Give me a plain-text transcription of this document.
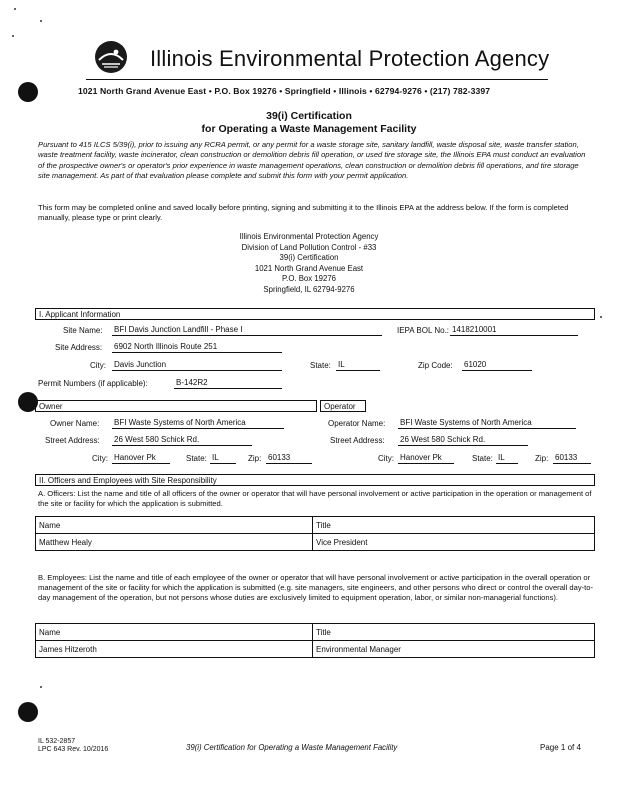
Illinois Environmental Protection Agency
1021 North Grand Avenue East • P.O. Box 19276 • Springfield • Illinois • 62794-9276 • (217) 782-3397
39(i) Certification
for Operating a Waste Management Facility
Pursuant to 415 ILCS 5/39(i), prior to issuing any RCRA permit, or any permit for a waste storage site, sanitary landfill, waste disposal site, waste transfer station, waste treatment facility, waste incinerator, clean construction or demolition debris fill operation, or used tire storage site, the Illinois EPA must conduct an evaluation of the prospective owner's or operator's prior experience in waste management operations, clean construction or demolition debris fill operations, and tire storage site management. As part of that evaluation please complete and submit this form with your permit application.
This form may be completed online and saved locally before printing, signing and submitting it to the Illinois EPA at the address below. If the form is completed manually, please type or print clearly.
Illinois Environmental Protection Agency
Division of Land Pollution Control - #33
39(i) Certification
1021 North Grand Avenue East
P.O. Box 19276
Springfield, IL 62794-9276
I. Applicant Information
Site Name: BFI Davis Junction Landfill - Phase I	IEPA BOL No.: 1418210001
Site Address: 6902 North Illinois Route 251
City: Davis Junction	State: IL	Zip Code: 61020
Permit Numbers (if applicable):	B-142R2
Owner	Operator
Owner Name: BFI Waste Systems of North America	Operator Name: BFI Waste Systems of North America
Street Address: 26 West 580 Schick Rd.	Street Address: 26 West 580 Schick Rd.
City: Hanover Pk	State: IL	Zip: 60133	City: Hanover Pk	State: IL	Zip: 60133
II. Officers and Employees with Site Responsibility
A. Officers: List the name and title of all officers of the owner or operator that will have personal involvement or active participation in the operation or management of the site or facility for which the application is submitted.
Name	Title
Matthew Healy	Vice President
B. Employees: List the name and title of each employee of the owner or operator that will have personal involvement or active participation in the overall operation or management of the site or facility for which the application is submitted (e.g. site managers, site engineers, and other persons who direct or control the overall day-to-day management of the operation, but not persons whose duties are exclusively limited to equipment operation, labor, or similar non-managerial functions).
Name	Title
James Hitzeroth	Environmental Manager
IL 532-2857
LPC 643 Rev. 10/2016	39(i) Certification for Operating a Waste Management Facility	Page 1 of 4
